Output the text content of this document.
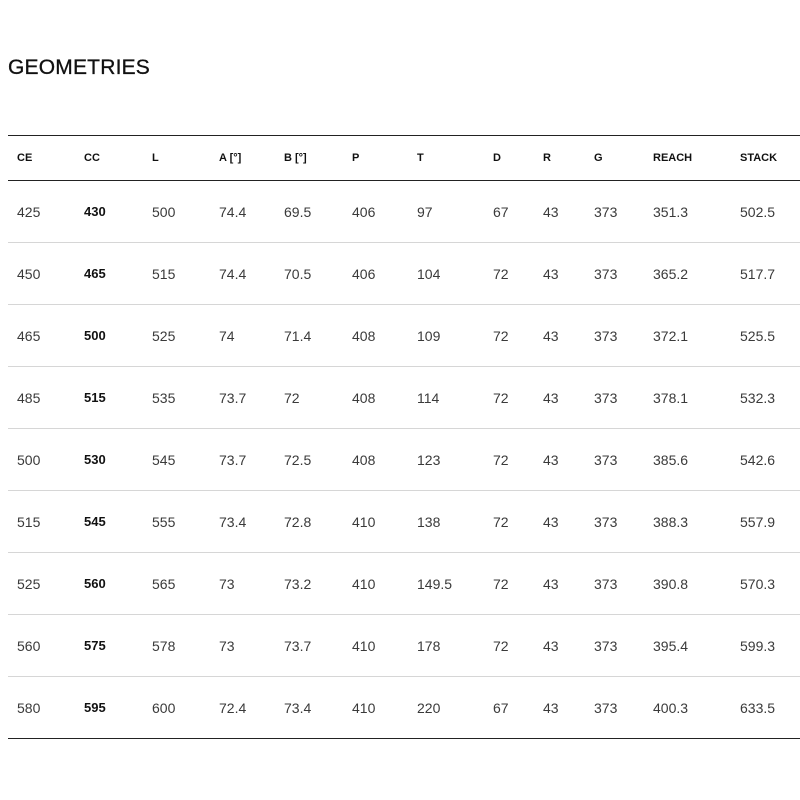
GEOMETRIES
CE	CC	L	A [°]	B [°]	P	T	D	R	G	REACH	STACK
425	430	500	74.4	69.5	406	97	67	43	373	351.3	502.5
450	465	515	74.4	70.5	406	104	72	43	373	365.2	517.7
465	500	525	74	71.4	408	109	72	43	373	372.1	525.5
485	515	535	73.7	72	408	114	72	43	373	378.1	532.3
500	530	545	73.7	72.5	408	123	72	43	373	385.6	542.6
515	545	555	73.4	72.8	410	138	72	43	373	388.3	557.9
525	560	565	73	73.2	410	149.5	72	43	373	390.8	570.3
560	575	578	73	73.7	410	178	72	43	373	395.4	599.3
580	595	600	72.4	73.4	410	220	67	43	373	400.3	633.5
